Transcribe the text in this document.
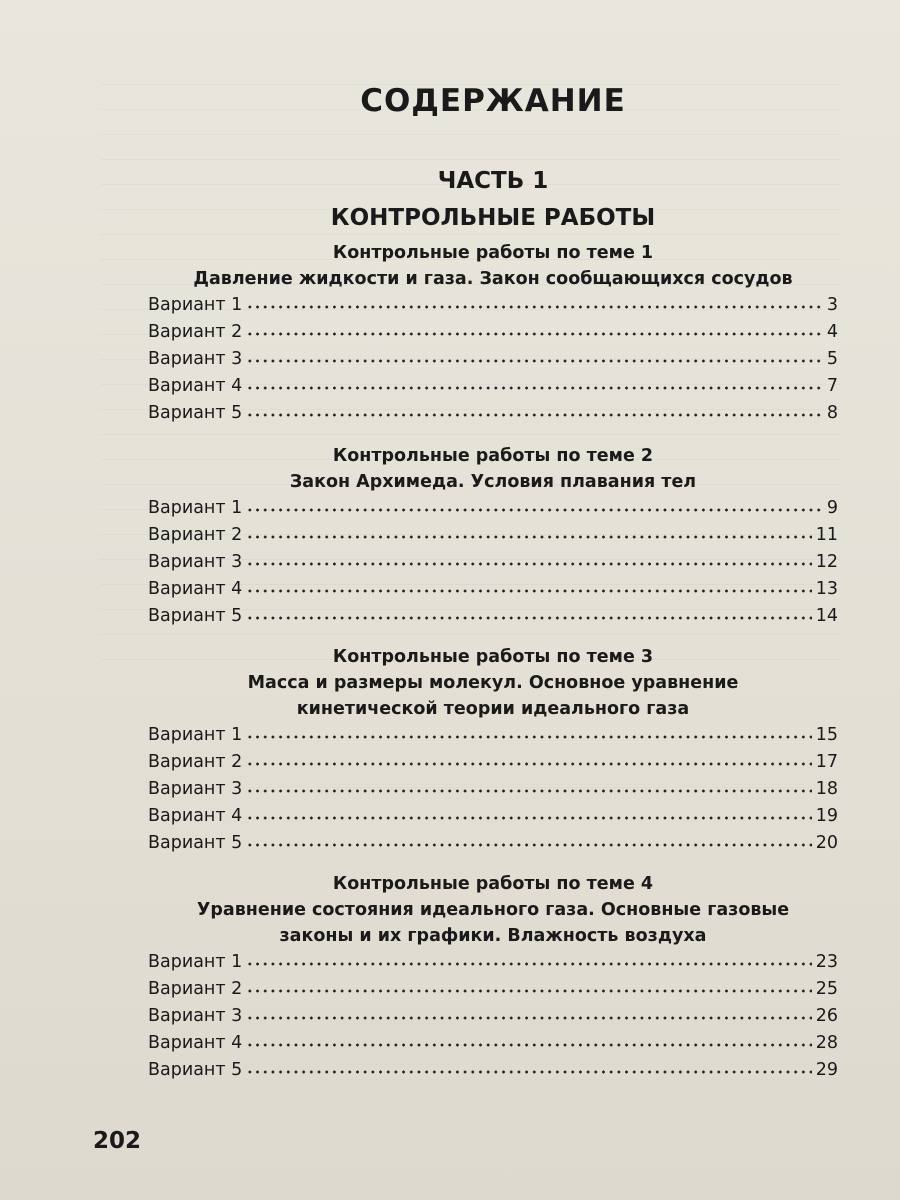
СОДЕРЖАНИЕ
ЧАСТЬ 1
КОНТРОЛЬНЫЕ РАБОТЫ
Контрольные работы по теме 1
Давление жидкости и газа. Закон сообщающихся сосудов
Вариант 1	3
Вариант 2	4
Вариант 3	5
Вариант 4	7
Вариант 5	8
Контрольные работы по теме 2
Закон Архимеда. Условия плавания тел
Вариант 1	9
Вариант 2	11
Вариант 3	12
Вариант 4	13
Вариант 5	14
Контрольные работы по теме 3
Масса и размеры молекул. Основное уравнение
кинетической теории идеального газа
Вариант 1	15
Вариант 2	17
Вариант 3	18
Вариант 4	19
Вариант 5	20
Контрольные работы по теме 4
Уравнение состояния идеального газа. Основные газовые
законы и их графики. Влажность воздуха
Вариант 1	23
Вариант 2	25
Вариант 3	26
Вариант 4	28
Вариант 5	29
202
